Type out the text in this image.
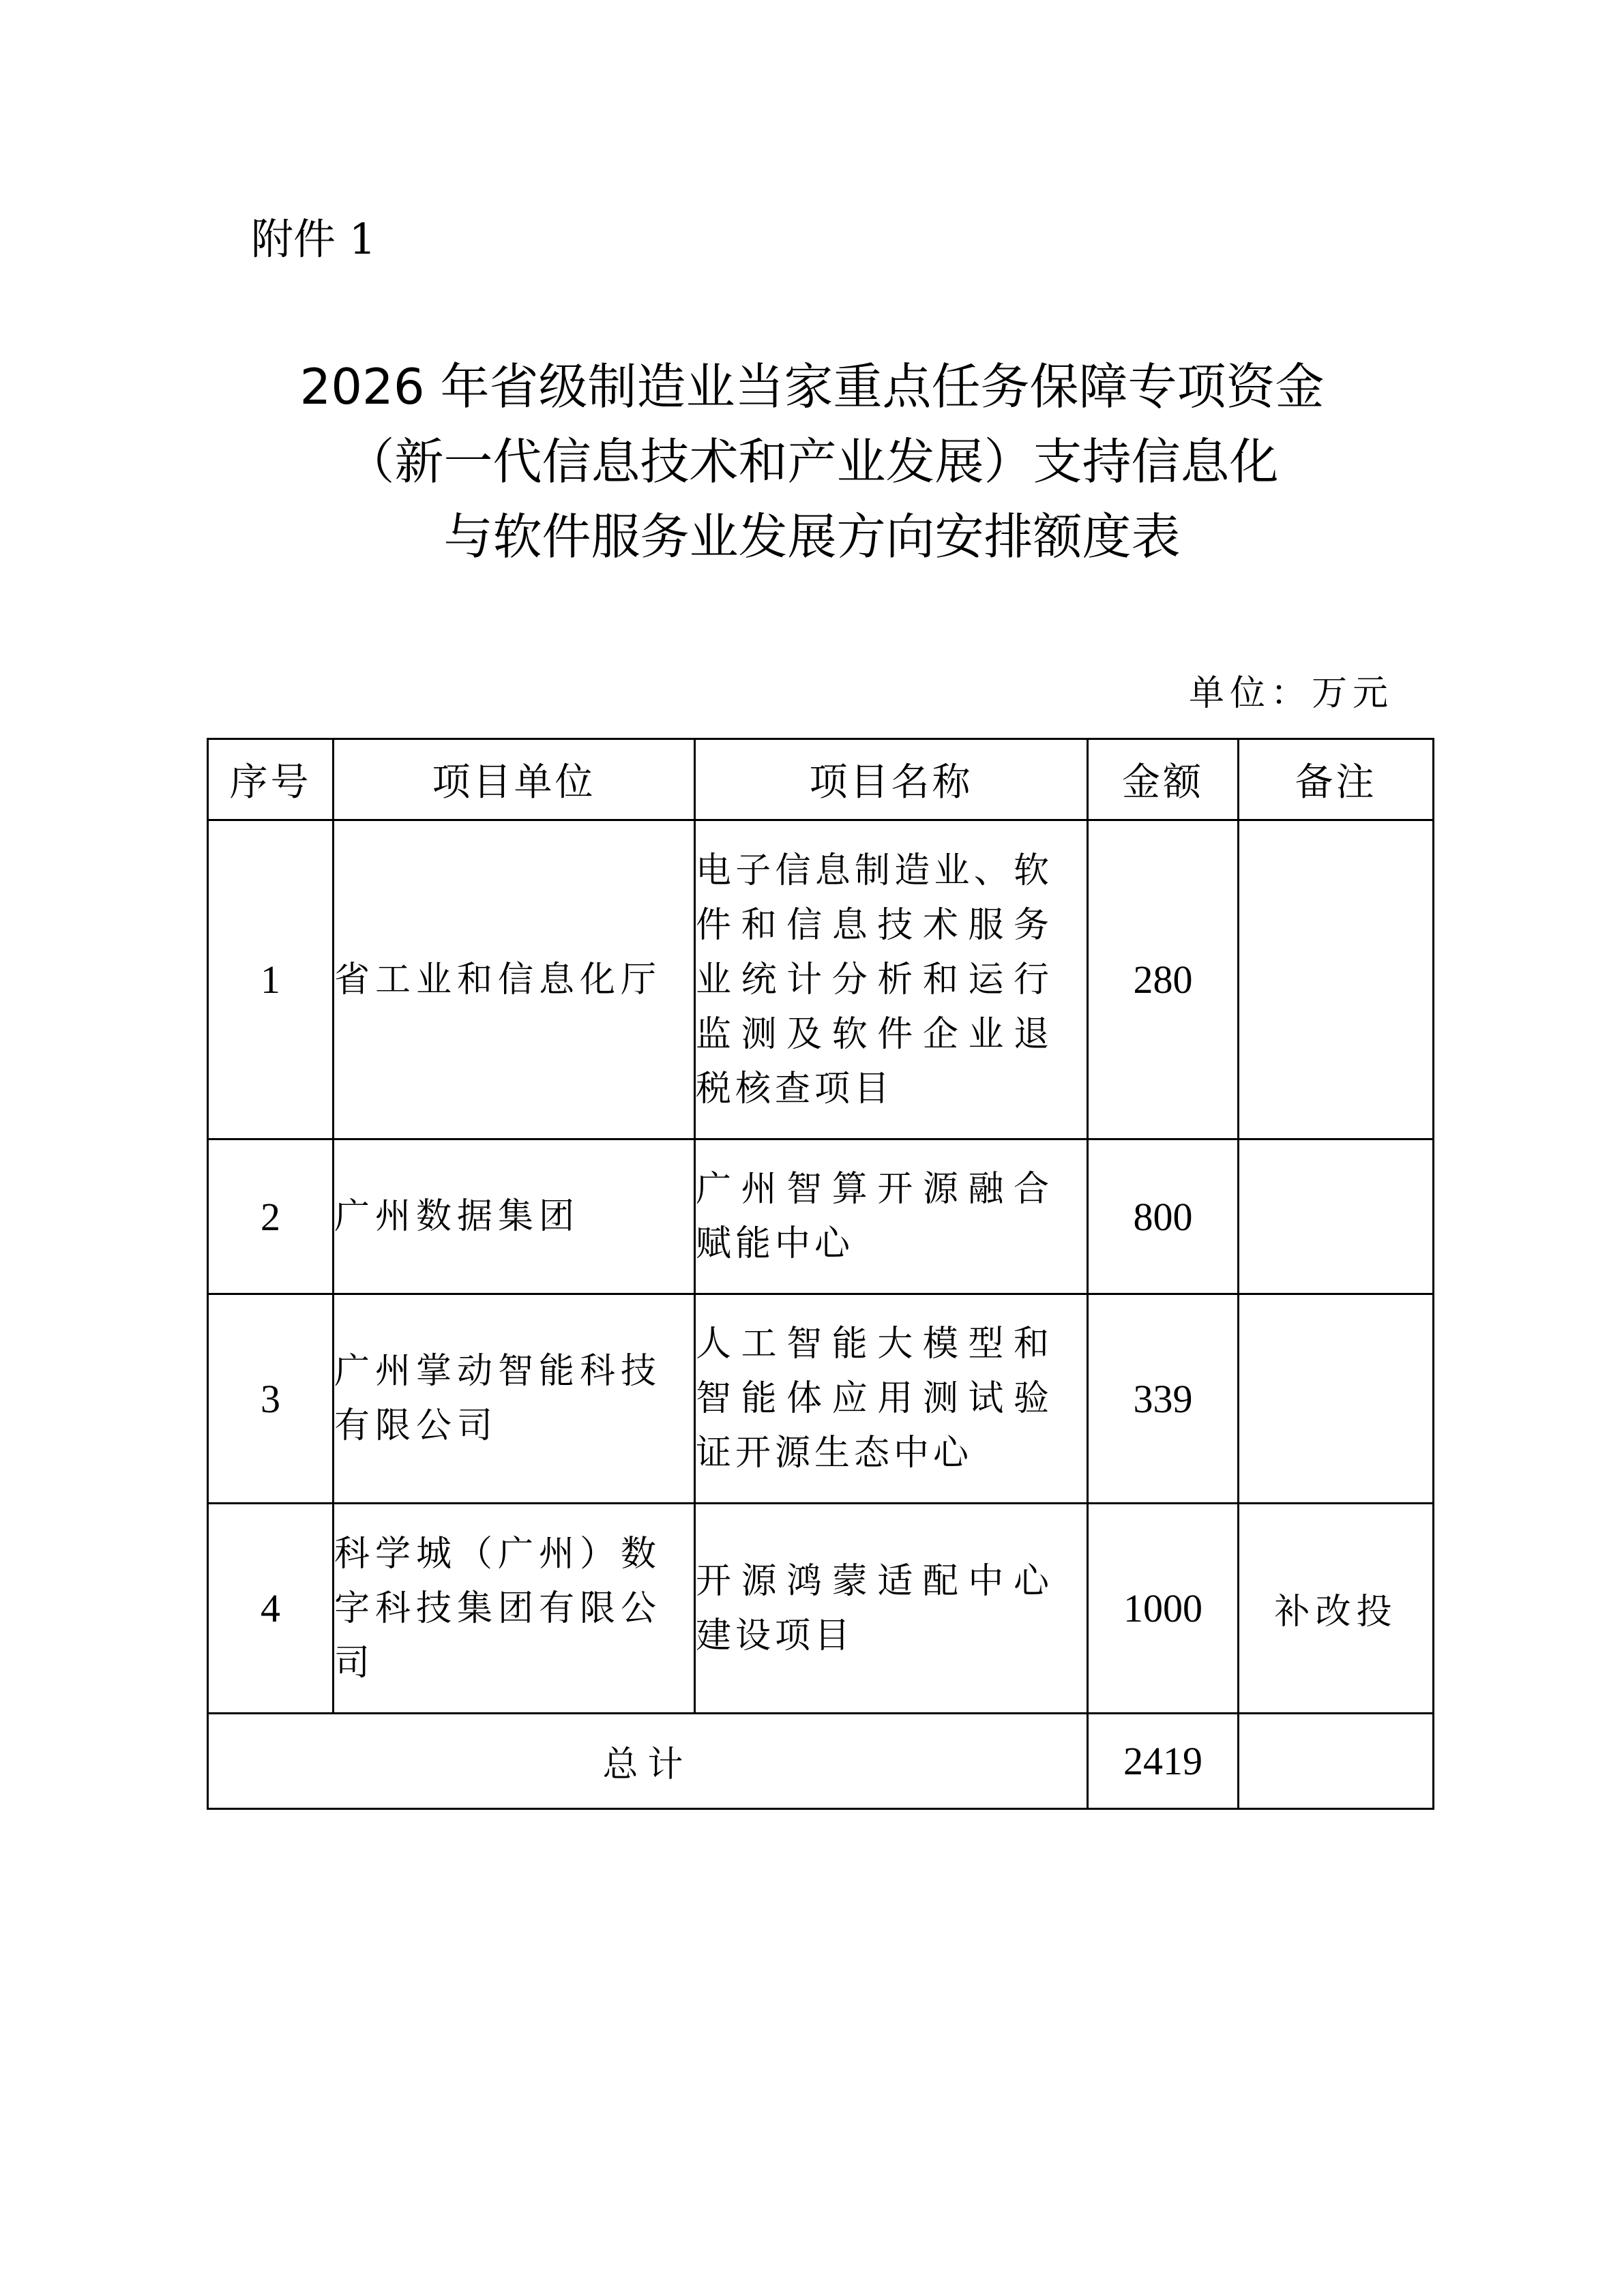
附件 1
2026 年省级制造业当家重点任务保障专项资金
（新一代信息技术和产业发展）支持信息化
与软件服务业发展方向安排额度表
单位：万元
序号	项目单位	项目名称	金额	备注
1	省工业和信息化厅	电子信息制造业、软
件和信息技术服务
业统计分析和运行
监测及软件企业退
税核查项目	280	
2	广州数据集团	广州智算开源融合
赋能中心	800	
3	广州掌动智能科技
有限公司	人工智能大模型和
智能体应用测试验
证开源生态中心	339	
4	科学城（广州）数
字科技集团有限公
司	开源鸿蒙适配中心
建设项目	1000	补改投
总计			2419	
